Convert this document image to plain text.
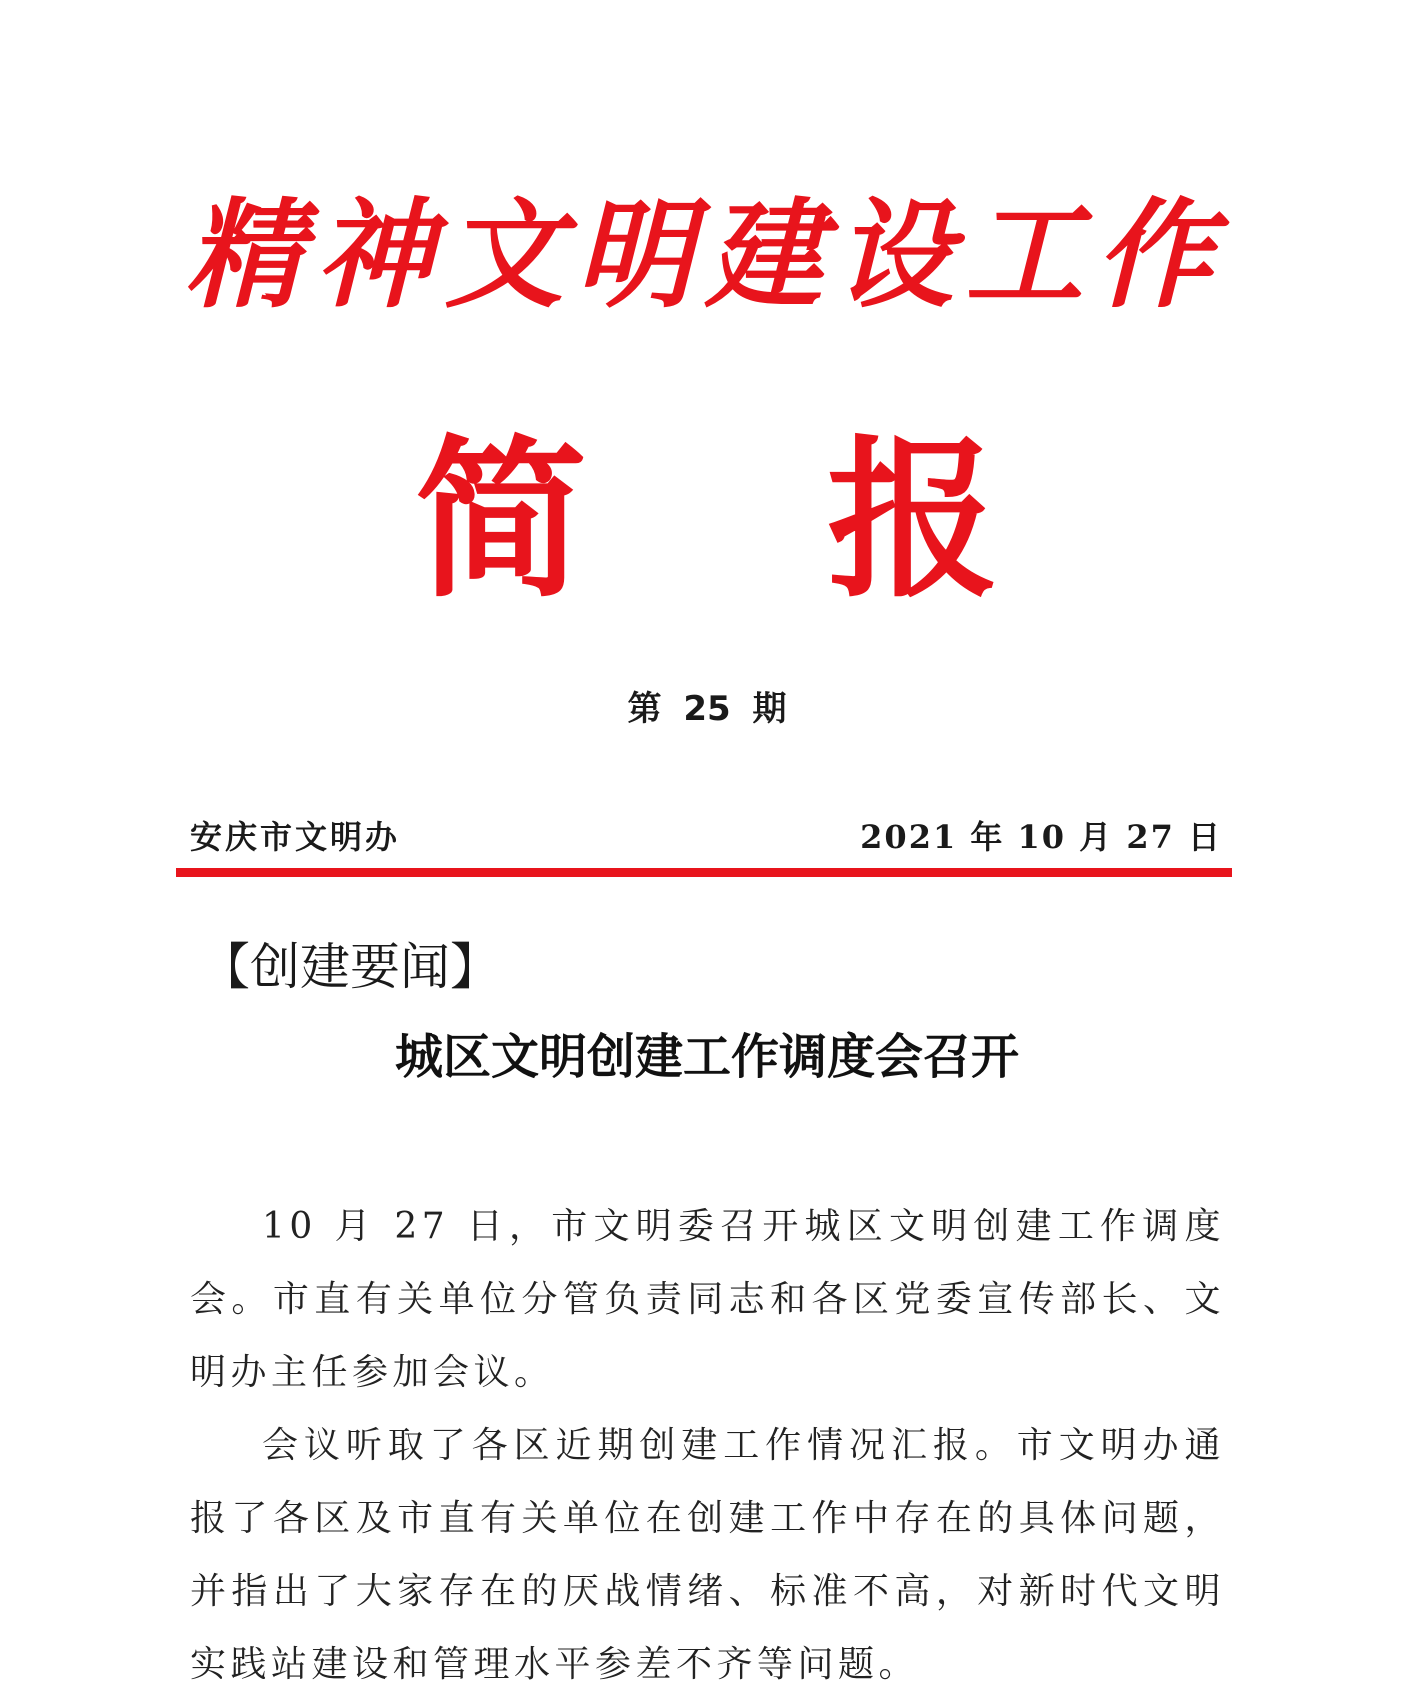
精神文明建设工作
简报
第 25 期
安庆市文明办	2021 年 10 月 27 日
【创建要闻】
城区文明创建工作调度会召开

10 月 27 日，市文明委召开城区文明创建工作调度会。市直有关单位分管负责同志和各区党委宣传部长、文明办主任参加会议。

会议听取了各区近期创建工作情况汇报。市文明办通报了各区及市直有关单位在创建工作中存在的具体问题，并指出了大家存在的厌战情绪、标准不高，对新时代文明实践站建设和管理水平参差不齐等问题。
